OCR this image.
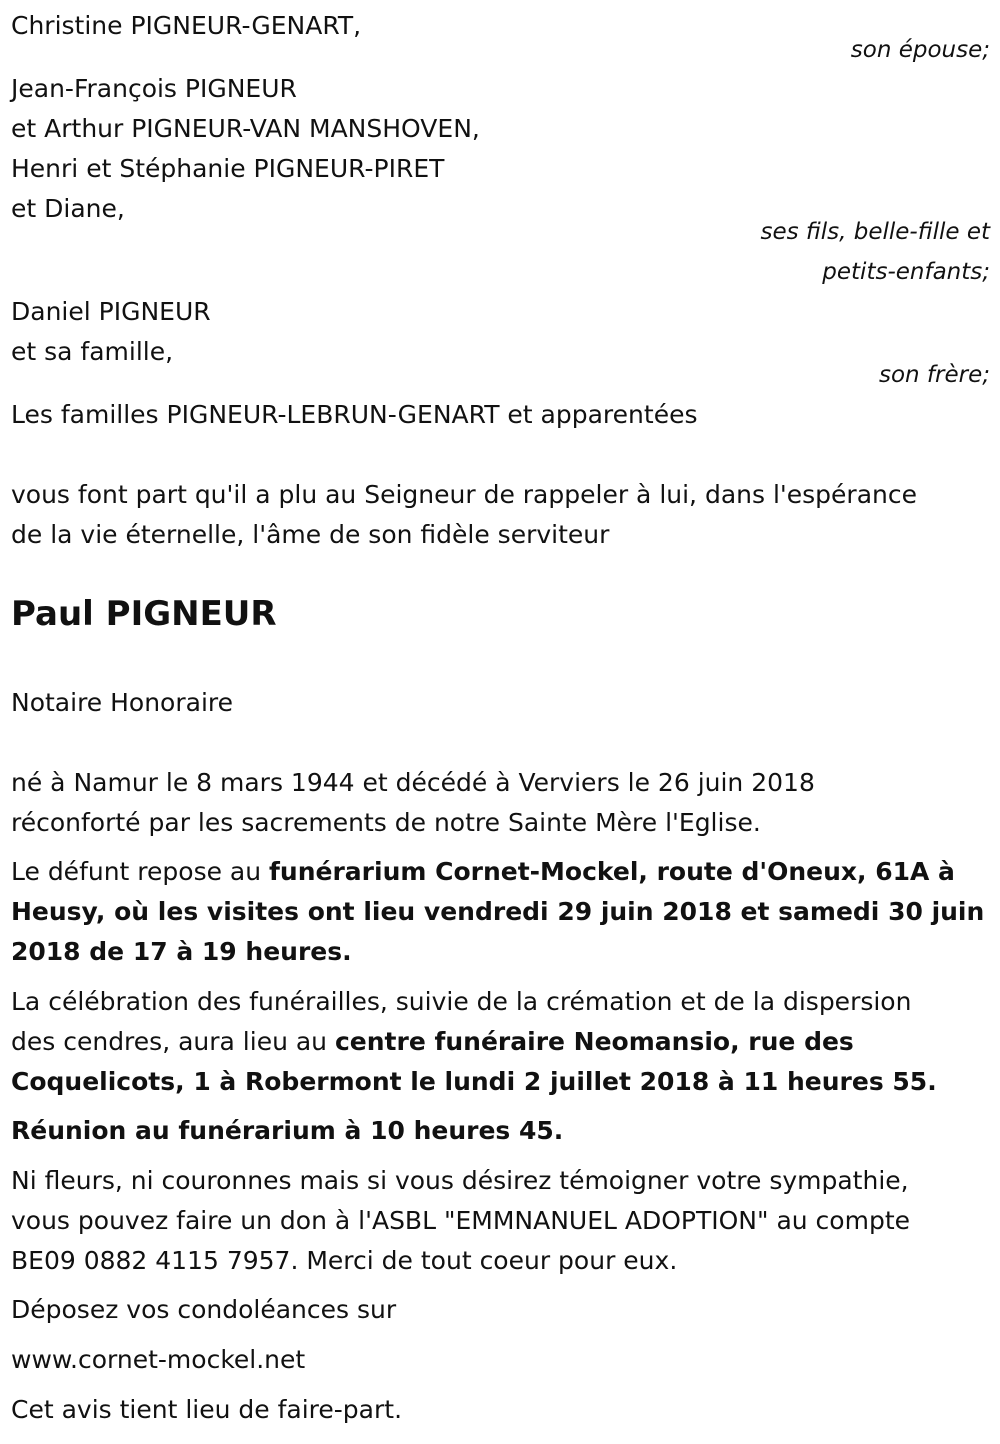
Christine PIGNEUR-GENART,
son épouse;
Jean-François PIGNEUR
et Arthur PIGNEUR-VAN MANSHOVEN,
Henri et Stéphanie PIGNEUR-PIRET
et Diane,
ses fils, belle-fille et
petits-enfants;
Daniel PIGNEUR
et sa famille,
son frère;
Les familles PIGNEUR-LEBRUN-GENART et apparentées
vous font part qu'il a plu au Seigneur de rappeler à lui, dans l'espérance
de la vie éternelle, l'âme de son fidèle serviteur
Paul PIGNEUR
Notaire Honoraire
né à Namur le 8 mars 1944 et décédé à Verviers le 26 juin 2018
réconforté par les sacrements de notre Sainte Mère l'Eglise.
Le défunt repose au funérarium Cornet-Mockel, route d'Oneux, 61A à
Heusy, où les visites ont lieu vendredi 29 juin 2018 et samedi 30 juin
2018 de 17 à 19 heures.
La célébration des funérailles, suivie de la crémation et de la dispersion
des cendres, aura lieu au centre funéraire Neomansio, rue des
Coquelicots, 1 à Robermont le lundi 2 juillet 2018 à 11 heures 55.
Réunion au funérarium à 10 heures 45.
Ni fleurs, ni couronnes mais si vous désirez témoigner votre sympathie,
vous pouvez faire un don à l'ASBL "EMMNANUEL ADOPTION" au compte
BE09 0882 4115 7957. Merci de tout coeur pour eux.
Déposez vos condoléances sur
www.cornet-mockel.net
Cet avis tient lieu de faire-part.
